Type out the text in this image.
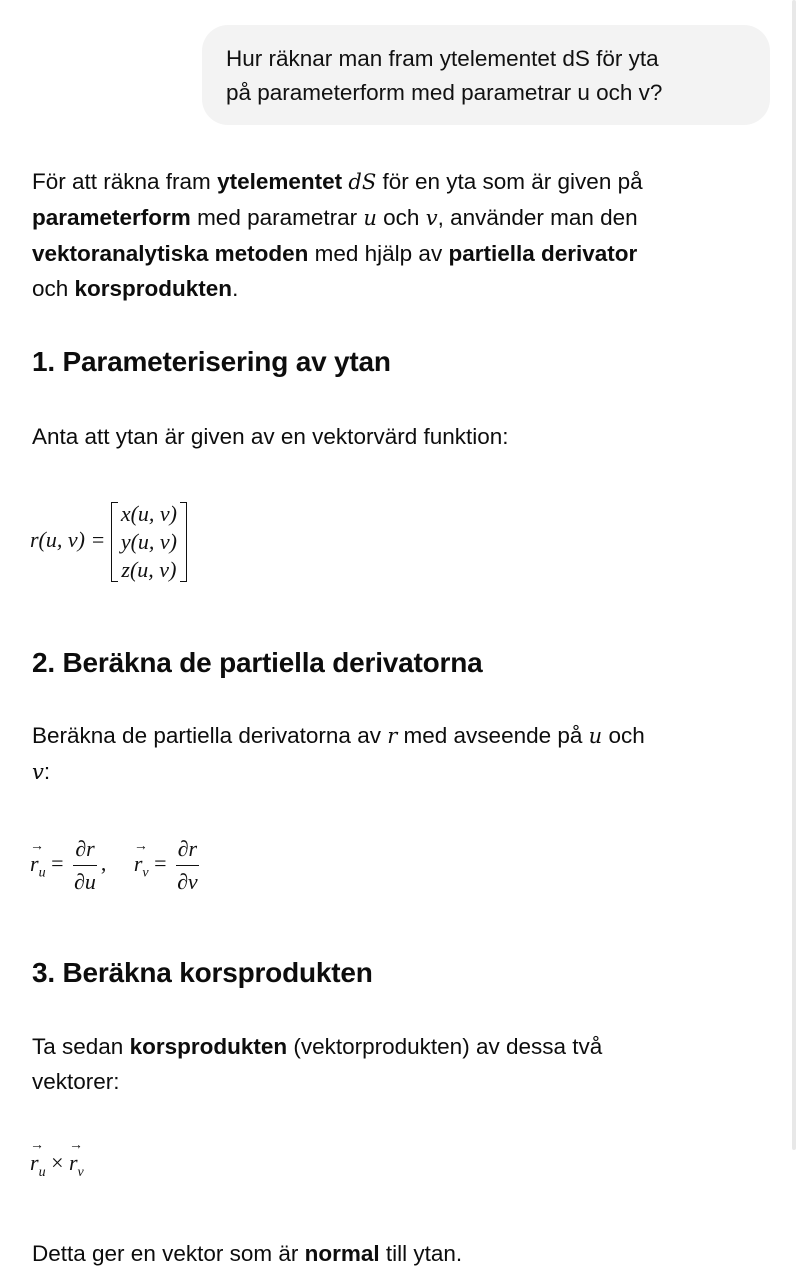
Hur räknar man fram ytelementet dS för yta
på parameterform med parametrar u och v?

För att räkna fram ytelementet dS för en yta som är given på
parameterform med parametrar u och v, använder man den
vektoranalytiska metoden med hjälp av partiella derivator
och korsprodukten.

1. Parameterisering av ytan

Anta att ytan är given av en vektorvärd funktion:

r(u, v) =
x(u, v)
y(u, v)
z(u, v)
2. Beräkna de partiella derivatorna

Beräkna de partiella derivatorna av r med avseende på u och
v:

→ $r_u = \frac{\partial r}{\partial u}$ , → $r_v = \frac{\partial r}{\partial v}$
3. Beräkna korsprodukten

Ta sedan korsprodukten (vektorprodukten) av dessa två
vektorer:

→ $r_u$ × → $r_v$

Detta ger en vektor som är normal till ytan.
